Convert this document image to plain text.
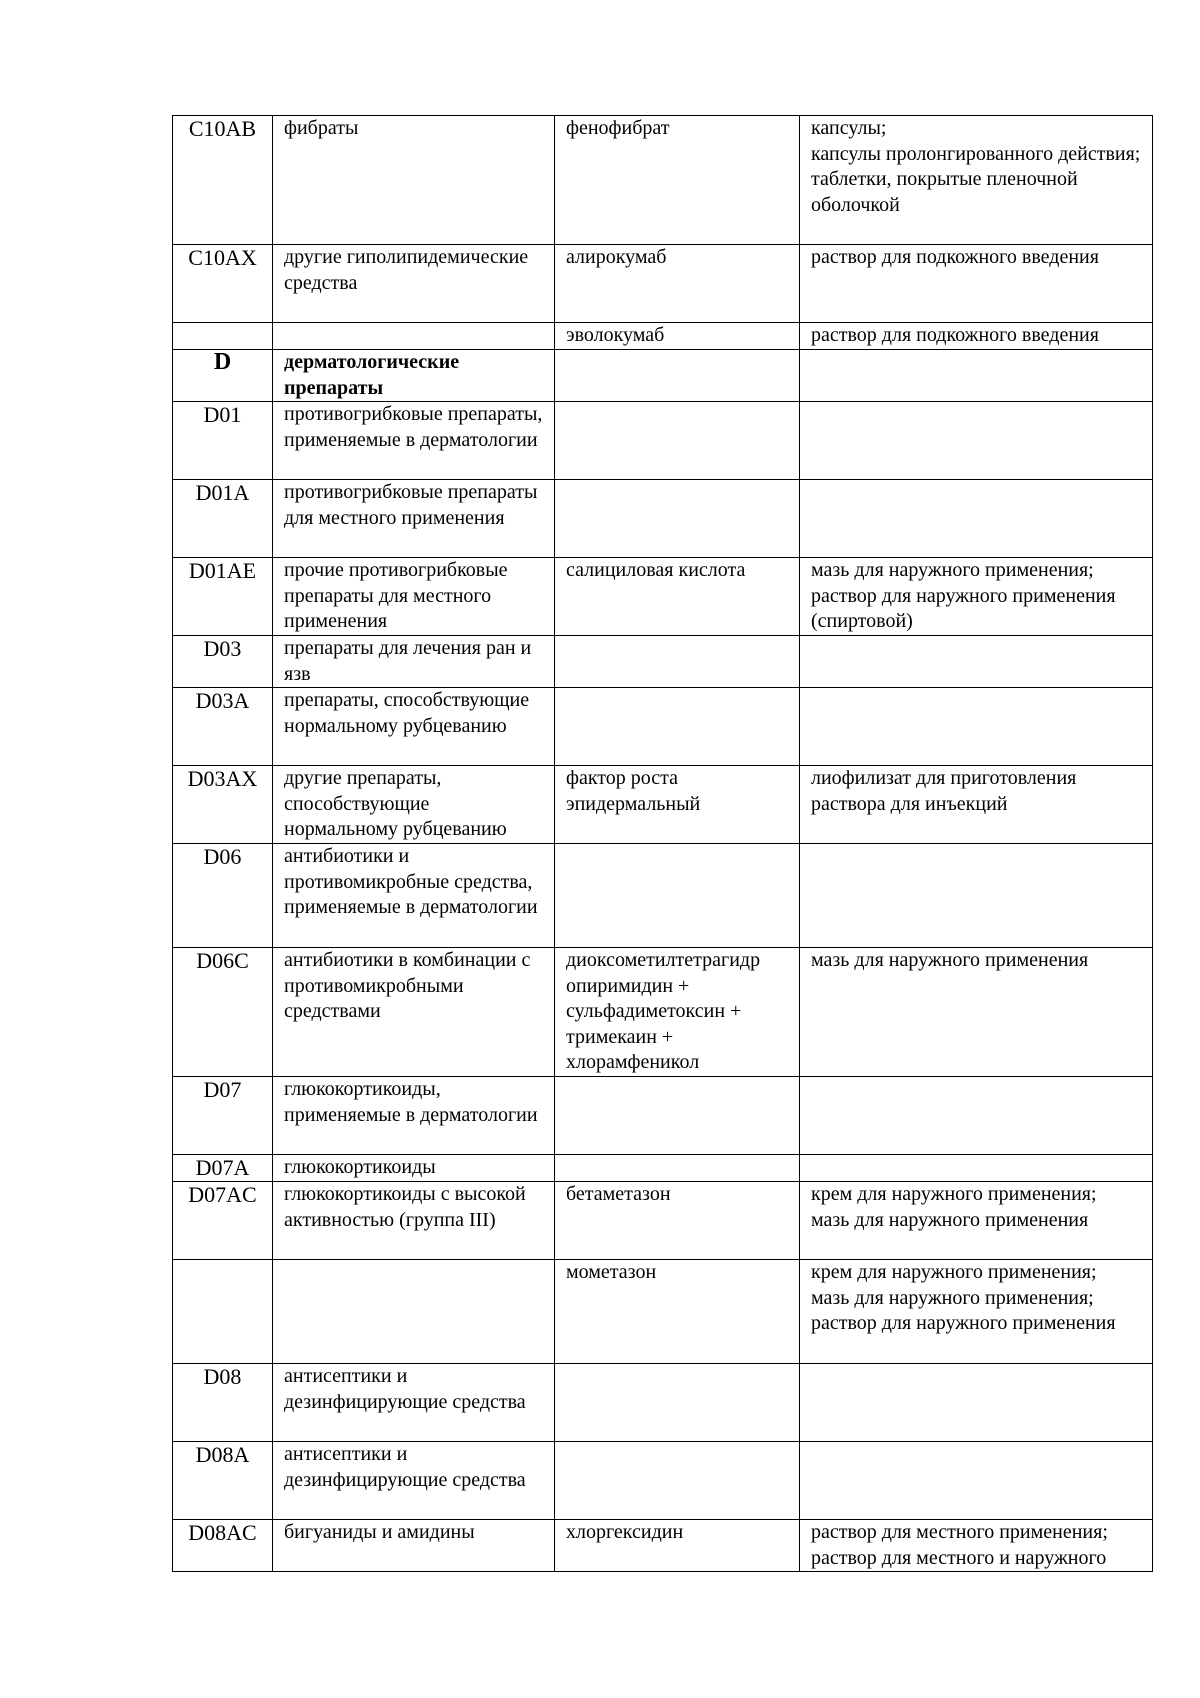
C10AB	фибраты	фенофибрат	капсулы;
капсулы пролонгированного действия;
таблетки, покрытые пленочной оболочкой

C10AX	другие гиполипидемические средства	алирокумаб	раствор для подкожного введения
		эволокумаб	раствор для подкожного введения
D	дерматологические препараты		
D01	противогрибковые препараты, применяемые в дерматологии		
D01A	противогрибковые препараты для местного применения		
D01AE	прочие противогрибковые препараты для местного применения	салициловая кислота	мазь для наружного применения;
раствор для наружного применения (спиртовой)

D03	препараты для лечения ран и язв		
D03A	препараты, способствующие нормальному рубцеванию		
D03AX	другие препараты, способствующие нормальному рубцеванию	фактор роста эпидермальный	лиофилизат для приготовления раствора для инъекций
D06	антибиотики и противомикробные средства, применяемые в дерматологии		
D06C	антибиотики в комбинации с противомикробными средствами	диоксометилтетрагидр опиримидин + сульфадиметоксин + тримекаин + хлорамфеникол	мазь для наружного применения
D07	глюкокортикоиды, применяемые в дерматологии		
D07A	глюкокортикоиды		
D07AC	глюкокортикоиды с высокой активностью (группа III)	бетаметазон	крем для наружного применения;
мазь для наружного применения

		мометазон	крем для наружного применения;
мазь для наружного применения;
раствор для наружного применения

D08	антисептики и дезинфицирующие средства		
D08A	антисептики и дезинфицирующие средства		
D08AC	бигуаниды и амидины	хлоргексидин	раствор для местного применения;
раствор для местного и наружного
